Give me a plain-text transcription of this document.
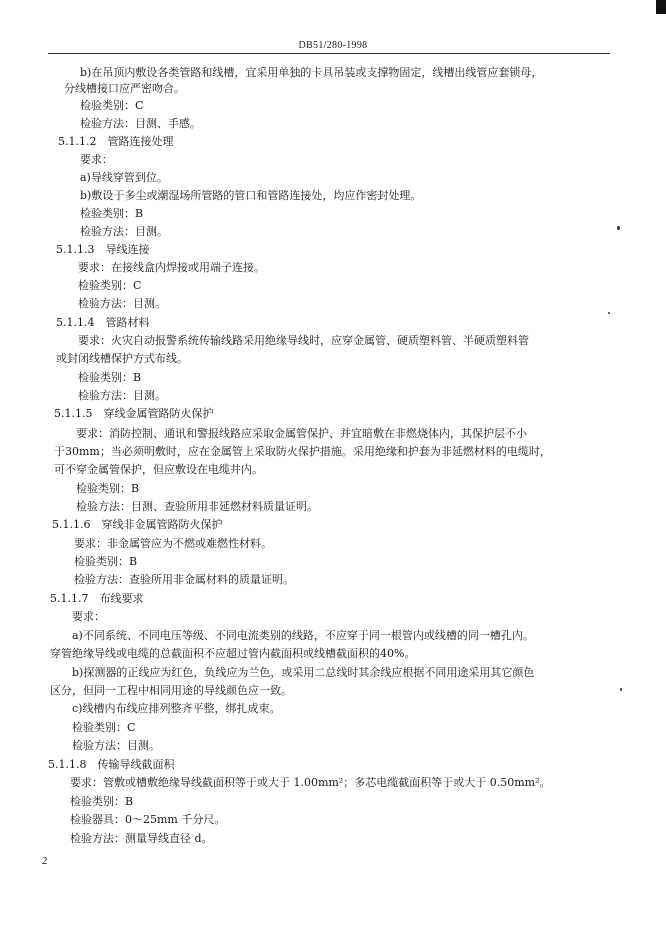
DB51/280-1998
b)在吊顶内敷设各类管路和线槽，宜采用单独的卡具吊装或支撑物固定，线槽出线管应套锁母，
分线槽接口应严密吻合。
检验类别：C
检验方法：目测、手感。
5.1.1.2　管路连接处理
要求：
a)导线穿管到位。
b)敷设于多尘或潮湿场所管路的管口和管路连接处，均应作密封处理。
检验类别：B
检验方法：目测。
5.1.1.3　导线连接
要求：在接线盒内焊接或用端子连接。
检验类别：C
检验方法：目测。
5.1.1.4　管路材料
要求：火灾自动报警系统传输线路采用绝缘导线时，应穿金属管、硬质塑料管、半硬质塑料管
或封闭线槽保护方式布线。
检验类别：B
检验方法：目测。
5.1.1.5　穿线金属管路防火保护
要求：消防控制、通讯和警报线路应采取金属管保护、并宜暗敷在非燃烧体内，其保护层不小
于30mm；当必须明敷时，应在金属管上采取防火保护措施。采用绝缘和护套为非延燃材料的电缆时，
可不穿金属管保护，但应敷设在电缆井内。
检验类别：B
检验方法：目测、查验所用非延燃材料质量证明。
5.1.1.6　穿线非金属管路防火保护
要求：非金属管应为不燃或难燃性材料。
检验类别：B
检验方法：查验所用非金属材料的质量证明。
5.1.1.7　布线要求
要求：
a)不同系统、不同电压等级、不同电流类别的线路，不应穿于同一根管内或线槽的同一槽孔内。
穿管绝缘导线或电缆的总截面积不应超过管内截面积或线槽截面积的40%。
b)探测器的正线应为红色，负线应为兰色，或采用二总线时其余线应根据不同用途采用其它颜色
区分，但同一工程中相同用途的导线颜色应一致。
c)线槽内布线应排列整齐平整，绑扎成束。
检验类别：C
检验方法：目测。
5.1.1.8　传输导线截面积
要求：管敷或槽敷绝缘导线截面积等于或大于 1.00mm²；多芯电缆截面积等于或大于 0.50mm²。
检验类别：B
检验器具：0～25mm 千分尺。
检验方法：测量导线直径 d。
2
